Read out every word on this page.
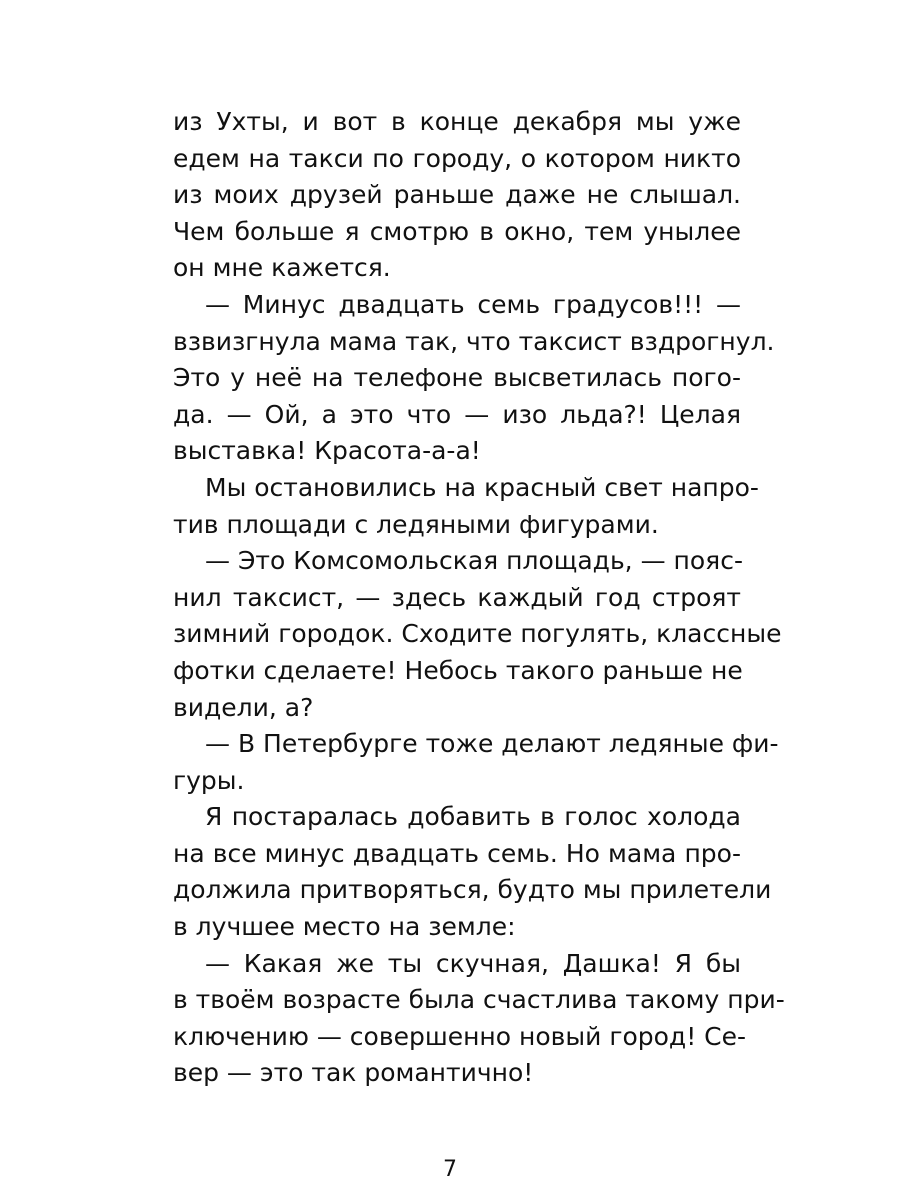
из Ухты, и вот в конце декабря мы уже
едем на такси по городу, о котором никто
из моих друзей раньше даже не слышал.
Чем больше я смотрю в окно, тем унылее
он мне кажется.
— Минус двадцать семь градусов!!! —
взвизгнула мама так, что таксист вздрогнул.
Это у неё на телефоне высветилась пого-
да. — Ой, а это что — изо льда?! Целая
выставка! Красота-а-а!
Мы остановились на красный свет напро-
тив площади с ледяными фигурами.
— Это Комсомольская площадь, — пояс-
нил таксист, — здесь каждый год строят
зимний городок. Сходите погулять, классные
фотки сделаете! Небось такого раньше не
видели, а?
— В Петербурге тоже делают ледяные фи-
гуры.
Я постаралась добавить в голос холода
на все минус двадцать семь. Но мама про-
должила притворяться, будто мы прилетели
в лучшее место на земле:
— Какая же ты скучная, Дашка! Я бы
в твоём возрасте была счастлива такому при-
ключению — совершенно новый город! Се-
вер — это так романтично!
7
